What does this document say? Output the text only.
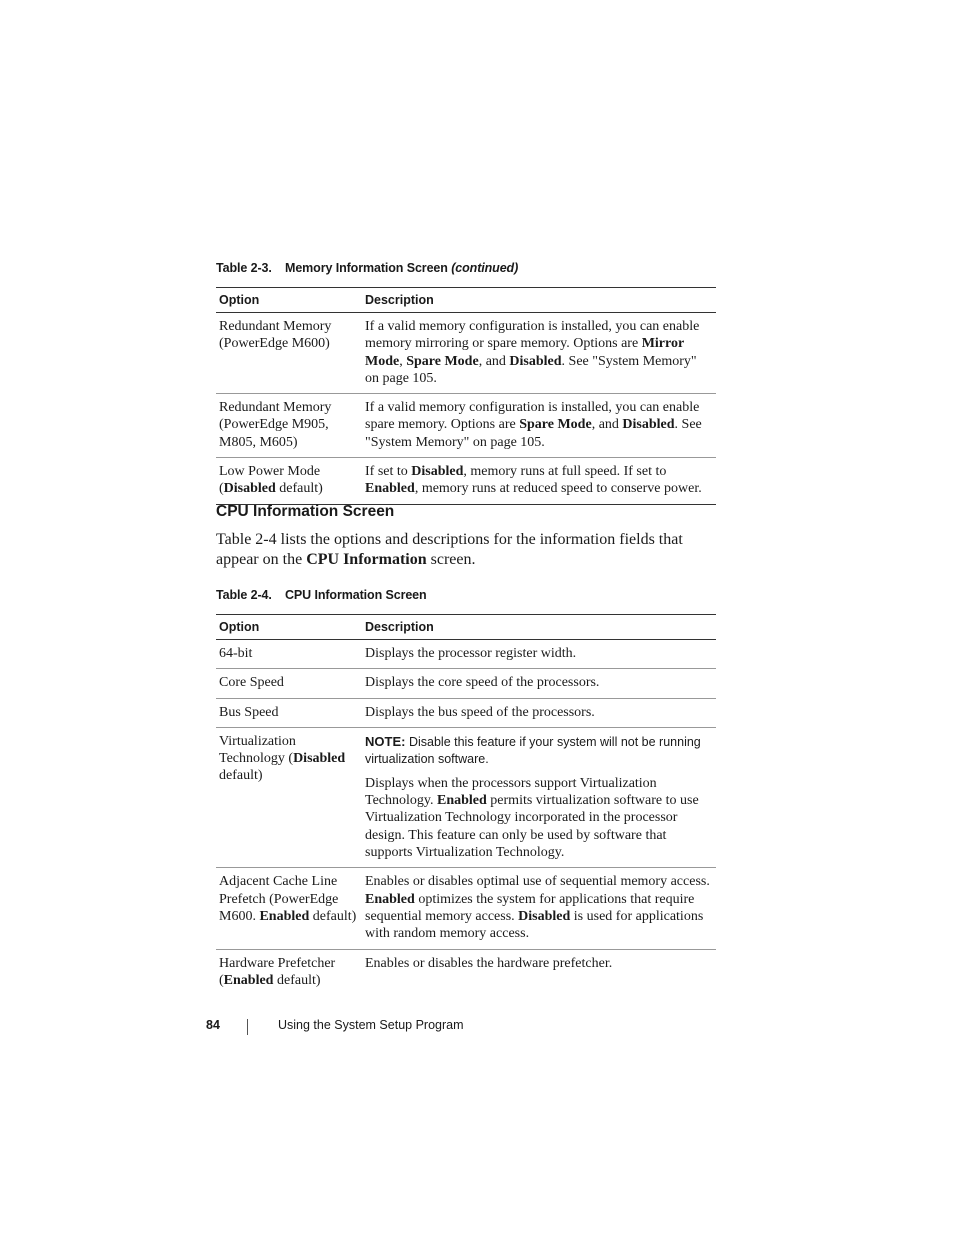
Table 2-3. Memory Information Screen (continued)
Option	Description
Redundant Memory (PowerEdge M600)	If a valid memory configuration is installed, you can enable memory mirroring or spare memory. Options are Mirror Mode, Spare Mode, and Disabled. See "System Memory" on page 105.
Redundant Memory (PowerEdge M905, M805, M605)	If a valid memory configuration is installed, you can enable spare memory. Options are Spare Mode, and Disabled. See "System Memory" on page 105.
Low Power Mode (Disabled default)	If set to Disabled, memory runs at full speed. If set to Enabled, memory runs at reduced speed to conserve power.
CPU Information Screen
Table 2-4 lists the options and descriptions for the information fields that appear on the CPU Information screen.
Table 2-4. CPU Information Screen
Option	Description
64-bit	Displays the processor register width.
Core Speed	Displays the core speed of the processors.
Bus Speed	Displays the bus speed of the processors.
Virtualization Technology (Disabled default)	NOTE: Disable this feature if your system will not be running virtualization software.
Displays when the processors support Virtualization Technology. Enabled permits virtualization software to use Virtualization Technology incorporated in the processor design. This feature can only be used by software that supports Virtualization Technology.

Adjacent Cache Line Prefetch (PowerEdge M600. Enabled default)	Enables or disables optimal use of sequential memory access. Enabled optimizes the system for applications that require sequential memory access. Disabled is used for applications with random memory access.
Hardware Prefetcher (Enabled default)	Enables or disables the hardware prefetcher.
84	Using the System Setup Program
